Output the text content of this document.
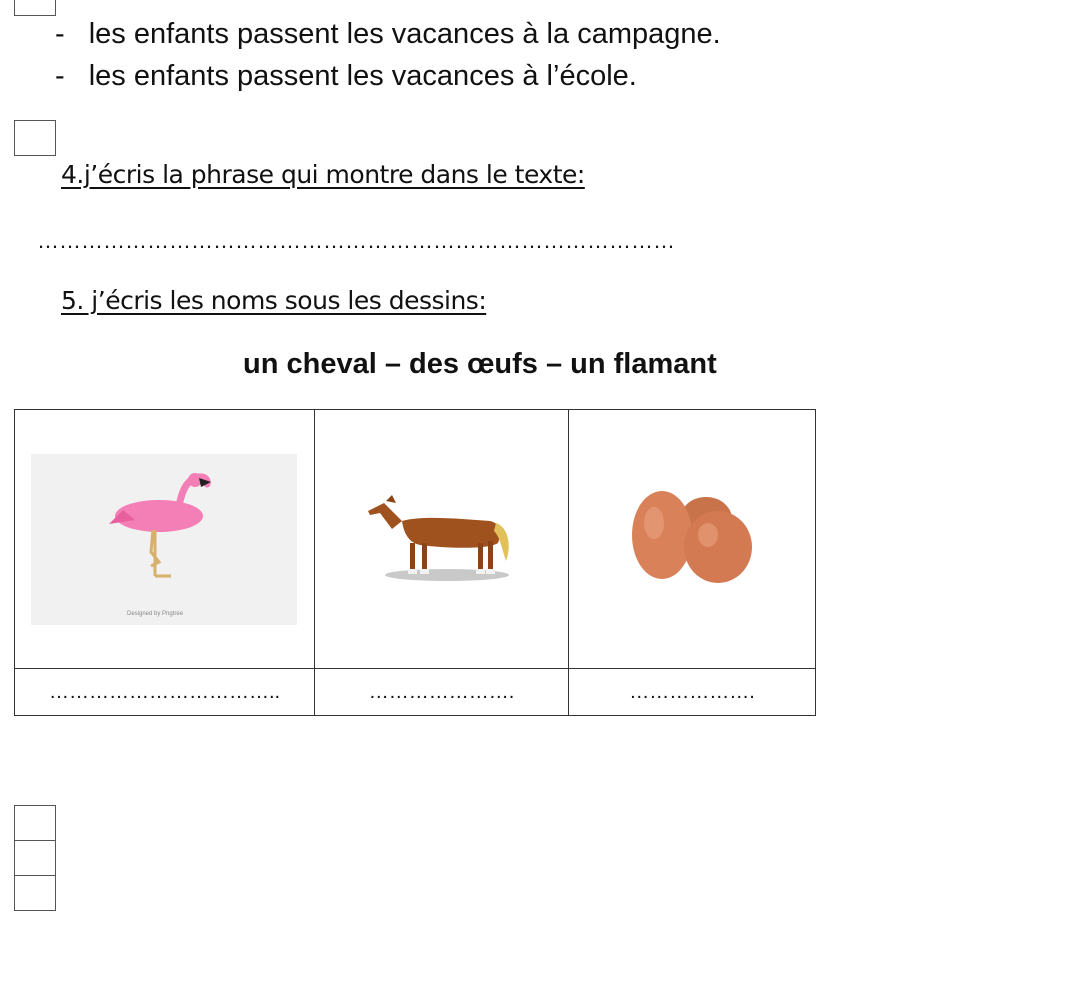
- les enfants passent les vacances à la campagne.
- les enfants passent les vacances à l’école.
4.j’écris la phrase qui montre dans le texte:
……………………………………………………………………………
5. j’écris les noms sous les dessins:
un cheval – des œufs – un flamant
Designed by Pngtree

……………………………..	………………….	……………….
